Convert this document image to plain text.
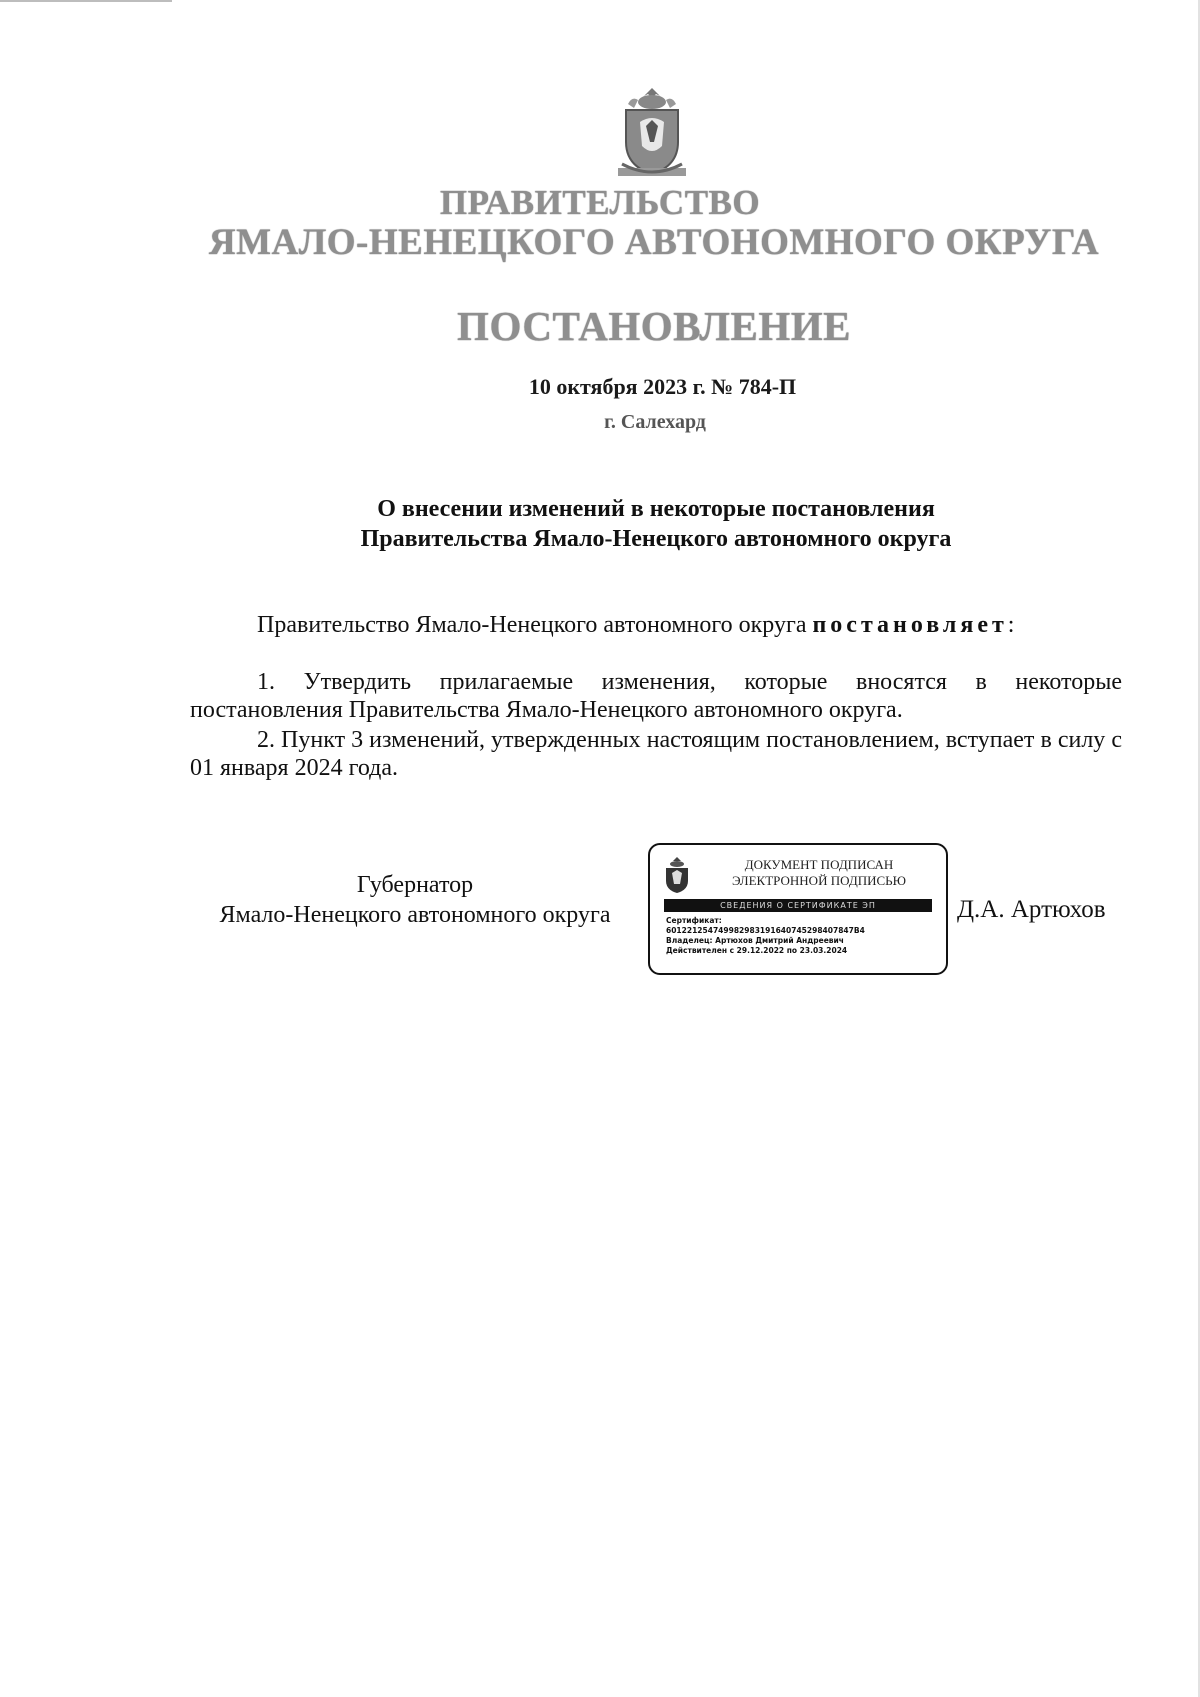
ПРАВИТЕЛЬСТВО
ЯМАЛО-НЕНЕЦКОГО АВТОНОМНОГО ОКРУГА
ПОСТАНОВЛЕНИЕ
10 октября 2023 г. № 784-П
г. Салехард
О внесении изменений в некоторые постановления
Правительства Ямало-Ненецкого автономного округа
Правительство Ямало-Ненецкого автономного округа постановляет:
1. Утвердить прилагаемые изменения, которые вносятся в некоторые постановления Правительства Ямало-Ненецкого автономного округа.
2. Пункт 3 изменений, утвержденных настоящим постановлением, вступает в силу с 01 января 2024 года.
Губернатор
Ямало-Ненецкого автономного округа
ДОКУМЕНТ ПОДПИСАН
ЭЛЕКТРОННОЙ ПОДПИСЬЮ
СВЕДЕНИЯ О СЕРТИФИКАТЕ ЭП
Сертификат:
601221254749982983191640745298407847B4
Владелец: Артюхов Дмитрий Андреевич
Действителен с 29.12.2022 по 23.03.2024
Д.А. Артюхов
